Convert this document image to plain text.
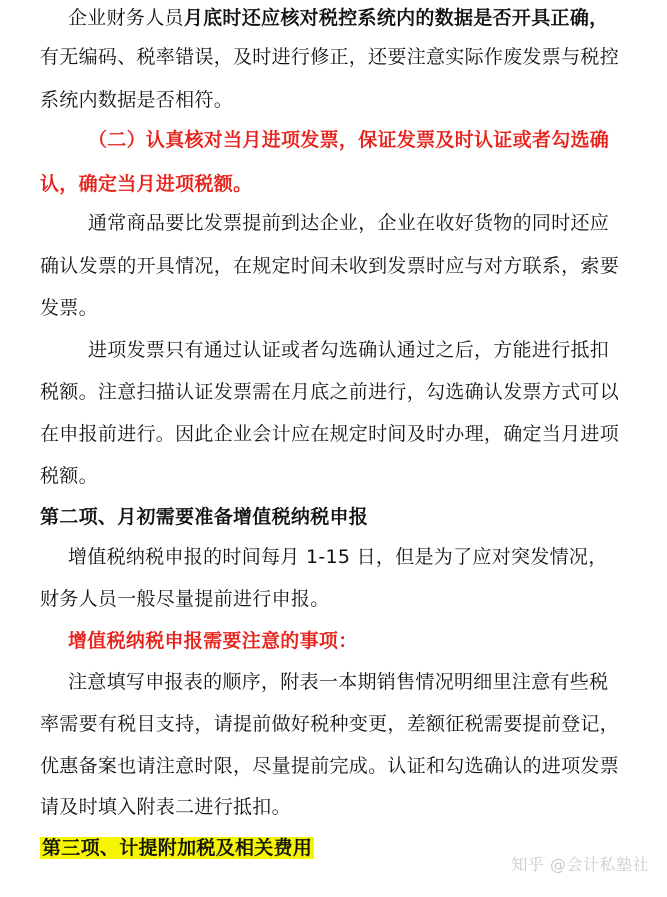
企业财务人员月底时还应核对税控系统内的数据是否开具正确，
有无编码、税率错误，及时进行修正，还要注意实际作废发票与税控
系统内数据是否相符。
（二）认真核对当月进项发票，保证发票及时认证或者勾选确
认，确定当月进项税额。
通常商品要比发票提前到达企业，企业在收好货物的同时还应
确认发票的开具情况，在规定时间未收到发票时应与对方联系，索要
发票。
进项发票只有通过认证或者勾选确认通过之后，方能进行抵扣
税额。注意扫描认证发票需在月底之前进行，勾选确认发票方式可以
在申报前进行。因此企业会计应在规定时间及时办理，确定当月进项
税额。
第二项、月初需要准备增值税纳税申报
增值税纳税申报的时间每月 1-15 日，但是为了应对突发情况，
财务人员一般尽量提前进行申报。
增值税纳税申报需要注意的事项：
注意填写申报表的顺序，附表一本期销售情况明细里注意有些税
率需要有税目支持，请提前做好税种变更，差额征税需要提前登记，
优惠备案也请注意时限，尽量提前完成。认证和勾选确认的进项发票
请及时填入附表二进行抵扣。
第三项、计提附加税及相关费用
知乎 @会计私塾社
